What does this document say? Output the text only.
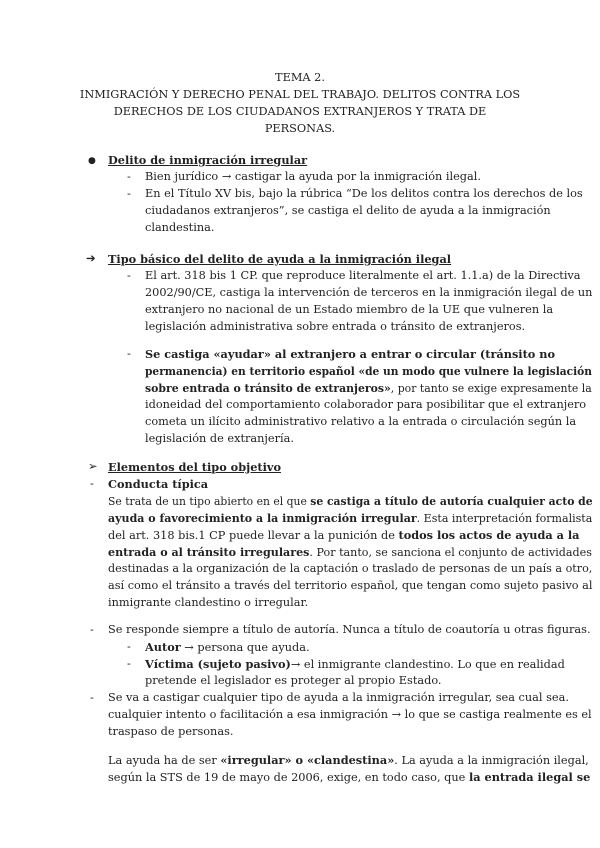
TEMA 2.
INMIGRACIÓN Y DERECHO PENAL DEL TRABAJO. DELITOS CONTRA LOS
DERECHOS DE LOS CIUDADANOS EXTRANJEROS Y TRATA DE
PERSONAS.
● Delito de inmigración irregular
- Bien jurídico → castigar la ayuda por la inmigración ilegal.
- En el Título XV bis, bajo la rúbrica “De los delitos contra los derechos de los
ciudadanos extranjeros”, se castiga el delito de ayuda a la inmigración
clandestina.
➔ Tipo básico del delito de ayuda a la inmigración ilegal
- El art. 318 bis 1 CP. que reproduce literalmente el art. 1.1.a) de la Directiva
2002/90/CE, castiga la intervención de terceros en la inmigración ilegal de un
extranjero no nacional de un Estado miembro de la UE que vulneren la
legislación administrativa sobre entrada o tránsito de extranjeros.
- Se castiga «ayudar» al extranjero a entrar o circular (tránsito no
permanencia) en territorio español «de un modo que vulnere la legislación
sobre entrada o tránsito de extranjeros», por tanto se exige expresamente la
idoneidad del comportamiento colaborador para posibilitar que el extranjero
cometa un ilícito administrativo relativo a la entrada o circulación según la
legislación de extranjería.
➢ Elementos del tipo objetivo
- Conducta típica
Se trata de un tipo abierto en el que se castiga a título de autoría cualquier acto de
ayuda o favorecimiento a la inmigración irregular. Esta interpretación formalista
del art. 318 bis.1 CP puede llevar a la punición de todos los actos de ayuda a la
entrada o al tránsito irregulares. Por tanto, se sanciona el conjunto de actividades
destinadas a la organización de la captación o traslado de personas de un país a otro,
así como el tránsito a través del territorio español, que tengan como sujeto pasivo al
inmigrante clandestino o irregular.
- Se responde siempre a título de autoría. Nunca a título de coautoría u otras figuras.
- Autor → persona que ayuda.
- Víctima (sujeto pasivo)→ el inmigrante clandestino. Lo que en realidad
pretende el legislador es proteger al propio Estado.
- Se va a castigar cualquier tipo de ayuda a la inmigración irregular, sea cual sea.
cualquier intento o facilitación a esa inmigración → lo que se castiga realmente es el
traspaso de personas.
La ayuda ha de ser «irregular» o «clandestina». La ayuda a la inmigración ilegal,
según la STS de 19 de mayo de 2006, exige, en todo caso, que la entrada ilegal se
